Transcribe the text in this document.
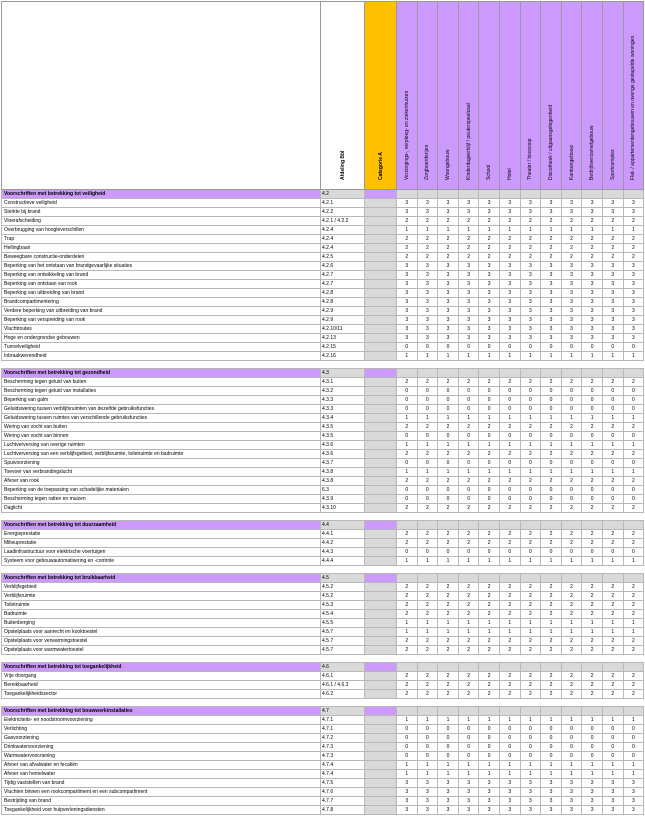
	Afdeling Bbl	Categorie A	Verzorgings-, verpleeg- en ziekenhuizen	Zorgboerderijen	Woongebouw	Kinderdagverblijf / peuterspeelzaal	School	Hotel	Theater / bioscoop	Discotheek / uitgaansgelegenheid	Kantoorgebouw	Bedrijfsverzamelgebouw	Sportcomplex	Flat- / appartementengebouwen en overige gestapelde woningen

Voorschriften met betrekking tot veiligheid	4.2													
Constructieve veiligheid	4.2.1		3	3	3	3	3	3	3	3	3	3	3	3
Sterkte bij brand	4.2.2		3	3	3	3	3	3	3	3	3	3	3	3
Vloerafscheiding	4.2.1 / 4.2.2		2	2	2	2	2	2	2	2	2	2	2	2
Overbrugging van hoogteverschillen	4.2.4		1	1	1	1	1	1	1	1	1	1	1	1
Trap	4.2.4		2	2	2	2	2	2	2	2	2	2	2	2
Hellingbaan	4.2.4		2	2	2	2	2	2	2	2	2	2	2	2
Beweegbare constructie-onderdelen	4.2.5		2	2	2	2	2	2	2	2	2	2	2	2
Beperking van het ontstaan van brandgevaarlijke situaties	4.2.6		3	3	3	3	3	3	3	3	3	3	3	3
Beperking van ontwikkeling van brand	4.2.7		3	3	3	3	3	3	3	3	3	3	3	3
Beperking van ontstaan van rook	4.2.7		3	3	3	3	3	3	3	3	3	3	3	3
Beperking van uitbreiding van brand	4.2.8		3	3	3	3	3	3	3	3	3	3	3	3
Brandcompartimentering	4.2.8		3	3	3	3	3	3	3	3	3	3	3	3
Verdere beperking van uitbreiding van brand	4.2.9		3	3	3	3	3	3	3	3	3	3	3	3
Beperking van verspreiding van rook	4.2.9		3	3	3	3	3	3	3	3	3	3	3	3
Vluchtroutes	4.2.10/11		3	3	3	3	3	3	3	3	3	3	3	3
Hoge en ondergrondse gebouwen	4.2.13		3	3	3	3	3	3	3	3	3	3	3	3
Tunnelveiligheid	4.2.15		0	0	0	0	0	0	0	0	0	0	0	0
Inbraakwerendheid	4.2.16		1	1	1	1	1	1	1	1	1	1	1	1

Voorschriften met betrekking tot gezondheid	4.3													
Bescherming tegen geluid van buiten	4.3.1		2	2	2	2	2	2	2	2	2	2	2	2
Bescherming tegen geluid van installaties	4.3.2		0	0	0	0	0	0	0	0	0	0	0	0
Beperking van galm	4.3.3		0	0	0	0	0	0	0	0	0	0	0	0
Geluidswering tussen verblijfsruimten van dezelfde gebruiksfuncties	4.3.3		0	0	0	0	0	0	0	0	0	0	0	0
Geluidswering tussen ruimtes van verschillende gebruiksfuncties	4.3.4		1	1	1	1	1	1	1	1	1	1	1	1
Wering van vocht van buiten	4.3.5		2	2	2	2	2	2	2	2	2	2	2	2
Wering van vocht van binnen	4.3.5		0	0	0	0	0	0	0	0	0	0	0	0
Luchtverversing van overige ruimten	4.3.6		1	1	1	1	1	1	1	1	1	1	1	1
Luchtverversing van een verblijfsgebied, verblijfsruimte, toiletruimte en badruimte	4.3.6		2	2	2	2	2	2	2	2	2	2	2	2
Spuivoorziening	4.3.7		0	0	0	0	0	0	0	0	0	0	0	0
Toevoer van verbrandingslucht	4.3.8		1	1	1	1	1	1	1	1	1	1	1	1
Afvoer van rook	4.3.8		2	2	2	2	2	2	2	2	2	2	2	2
Beperking van de toepassing van schadelijke materialen	6.3		0	0	0	0	0	0	0	0	0	0	0	0
Bescherming tegen ratten en muizen	4.3.9		0	0	0	0	0	0	0	0	0	0	0	0
Daglicht	4.3.10		2	2	2	2	2	2	2	2	2	2	2	2

Voorschriften met betrekking tot duurzaamheid	4.4													
Energieprestatie	4.4.1		2	2	2	2	2	2	2	2	2	2	2	2
Milieuprestatie	4.4.2		2	2	2	2	2	2	2	2	2	2	2	2
Laadinfrastructuur voor elektrische voertuigen	4.4.3		0	0	0	0	0	0	0	0	0	0	0	0
Systeem voor gebouwautomatisering en -controle	4.4.4		1	1	1	1	1	1	1	1	1	1	1	1

Voorschriften met betrekking tot bruikbaarheid	4.5													
Verblijfsgebied	4.5.2		2	2	2	2	2	2	2	2	2	2	2	2
Verblijfsruimte	4.5.2		2	2	2	2	2	2	2	2	2	2	2	2
Toiletruimte	4.5.3		2	2	2	2	2	2	2	2	2	2	2	2
Badruimte	4.5.4		2	2	2	2	2	2	2	2	2	2	2	2
Buitenberging	4.5.5		1	1	1	1	1	1	1	1	1	1	1	1
Opstelplaats voor aanrecht en kooktoestel	4.5.7		1	1	1	1	1	1	1	1	1	1	1	1
Opstelplaats voor verwarmingstoestel	4.5.7		2	2	2	2	2	2	2	2	2	2	2	2
Opstelplaats voor warmwatertoestel	4.5.7		2	2	2	2	2	2	2	2	2	2	2	2

Voorschriften met betrekking tot toegankelijkheid	4.6													
Vrije doorgang	4.6.1		2	2	2	2	2	2	2	2	2	2	2	2
Bereikbaarheid	4.6.1 / 4.6.3		2	2	2	2	2	2	2	2	2	2	2	2
Toegankelijkheidssector	4.6.2		2	2	2	2	2	2	2	2	2	2	2	2

Voorschriften met betrekking tot bouwwerkinstallaties	4.7													
Elektriciteits- en noodstroomvoorziening	4.7.1		1	1	1	1	1	1	1	1	1	1	1	1
Verlichting	4.7.1		0	0	0	0	0	0	0	0	0	0	0	0
Gasvoorziening	4.7.2		0	0	0	0	0	0	0	0	0	0	0	0
Drinkwatervoorziening	4.7.3		0	0	0	0	0	0	0	0	0	0	0	0
Warmwatervoorziening	4.7.3		0	0	0	0	0	0	0	0	0	0	0	0
Afvoer van afvalwater en fecaliën	4.7.4		1	1	1	1	1	1	1	1	1	1	1	1
Afvoer van hemelwater	4.7.4		1	1	1	1	1	1	1	1	1	1	1	1
Tijdig vaststellen van brand	4.7.5		3	3	3	3	3	3	3	3	3	3	3	3
Vluchten binnen een rookcompartiment en een subcompartiment	4.7.6		3	3	3	3	3	3	3	3	3	3	3	3
Bestrijding van brand	4.7.7		3	3	3	3	3	3	3	3	3	3	3	3
Toegankelijkheid voor hulpverleningsdiensten	4.7.8		3	3	3	3	3	3	3	3	3	3	3	3
